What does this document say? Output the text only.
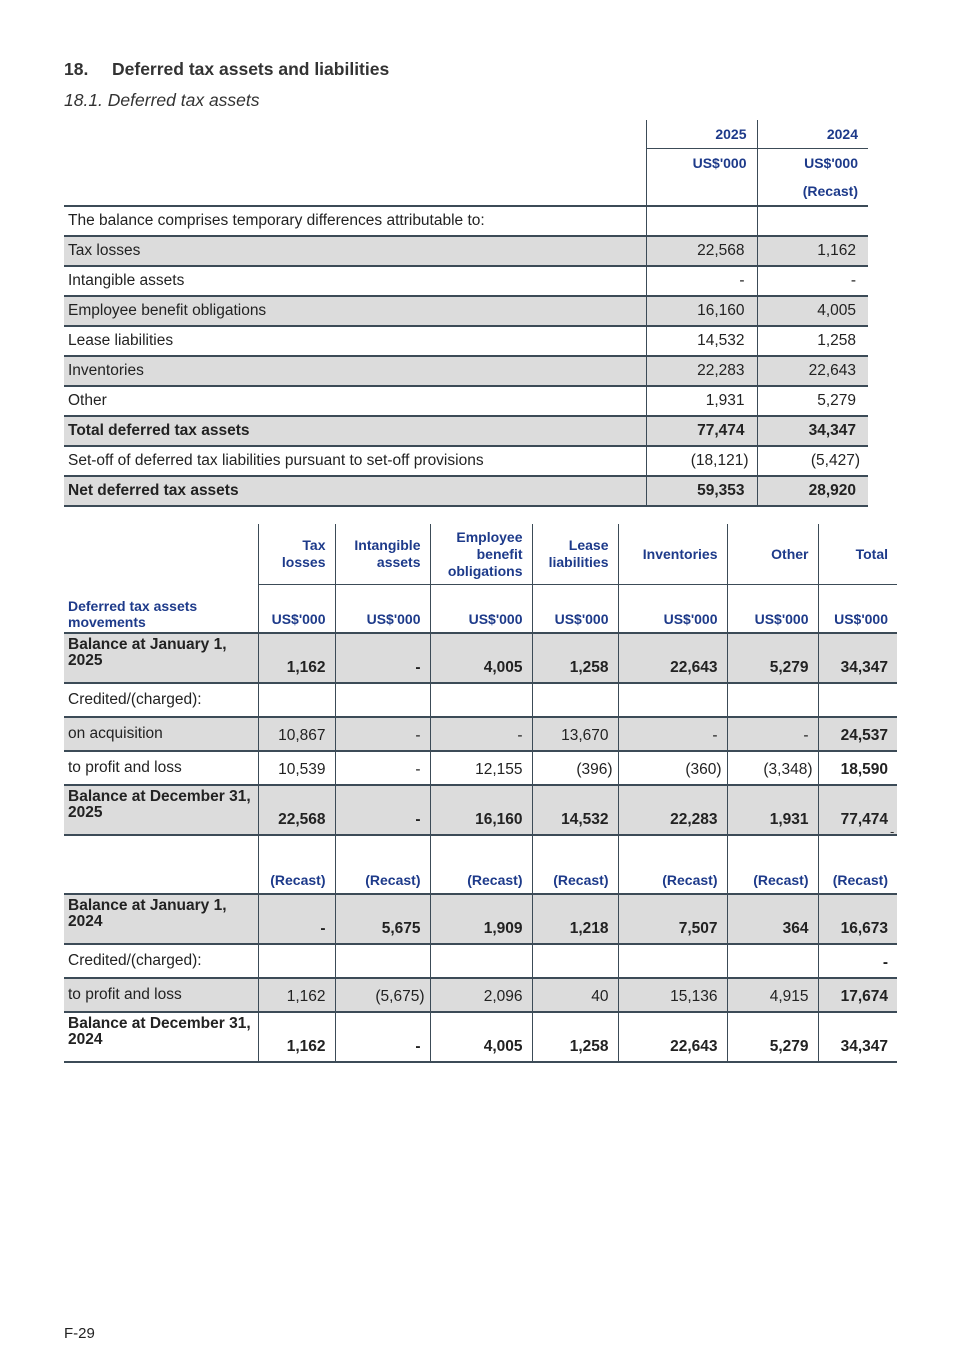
18. Deferred tax assets and liabilities
18.1. Deferred tax assets
	2025	2024
	US$'000	US$'000
		(Recast)
The balance comprises temporary differences attributable to:		
Tax losses	22,568	1,162
Intangible assets	-	-
Employee benefit obligations	16,160	4,005
Lease liabilities	14,532	1,258
Inventories	22,283	22,643
Other	1,931	5,279
Total deferred tax assets	77,474	34,347
Set-off of deferred tax liabilities pursuant to set-off provisions	(18,121)	(5,427)
Net deferred tax assets	59,353	28,920
	Tax losses	Intangible assets	Employee benefit obligations	Lease liabilities	Inventories	Other	Total
Deferred tax assets movements	US$'000	US$'000	US$'000	US$'000	US$'000	US$'000	US$'000
Balance at January 1, 2025	1,162	-	4,005	1,258	22,643	5,279	34,347
Credited/(charged):							
on acquisition	10,867	-	-	13,670	-	-	24,537
to profit and loss	10,539	-	12,155	(396)	(360)	(3,348)	18,590
Balance at December 31, 2025	22,568	-	16,160	14,532	22,283	1,931	77,474
	(Recast)	(Recast)	(Recast)	(Recast)	(Recast)	(Recast)	(Recast)
Balance at January 1, 2024	-	5,675	1,909	1,218	7,507	364	16,673
Credited/(charged):							-
to profit and loss	1,162	(5,675)	2,096	40	15,136	4,915	17,674
Balance at December 31, 2024	1,162	-	4,005	1,258	22,643	5,279	34,347
-
F-29
